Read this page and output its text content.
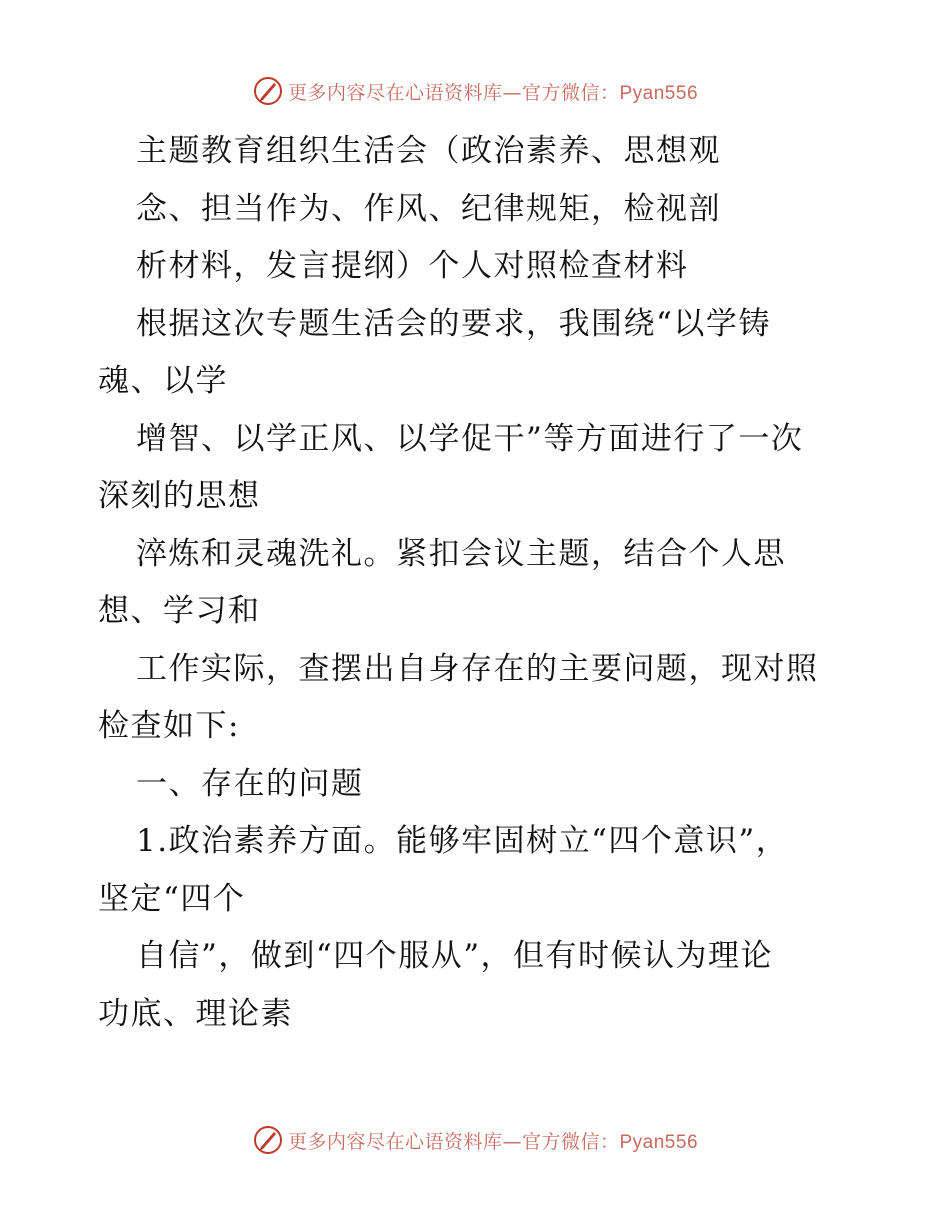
更多内容尽在心语资料库—官方微信：Pyan556
主题教育组织生活会（政治素养、思想观
念、担当作为、作风、纪律规矩，检视剖
析材料，发言提纲）个人对照检查材料
根据这次专题生活会的要求，我围绕“以学铸
魂、以学
增智、以学正风、以学促干”等方面进行了一次
深刻的思想
淬炼和灵魂洗礼。紧扣会议主题，结合个人思
想、学习和
工作实际，查摆出自身存在的主要问题，现对照
检查如下:
一、存在的问题
1.政治素养方面。能够牢固树立“四个意识”，
坚定“四个
自信”，做到“四个服从”，但有时候认为理论
功底、理论素
更多内容尽在心语资料库—官方微信：Pyan556
